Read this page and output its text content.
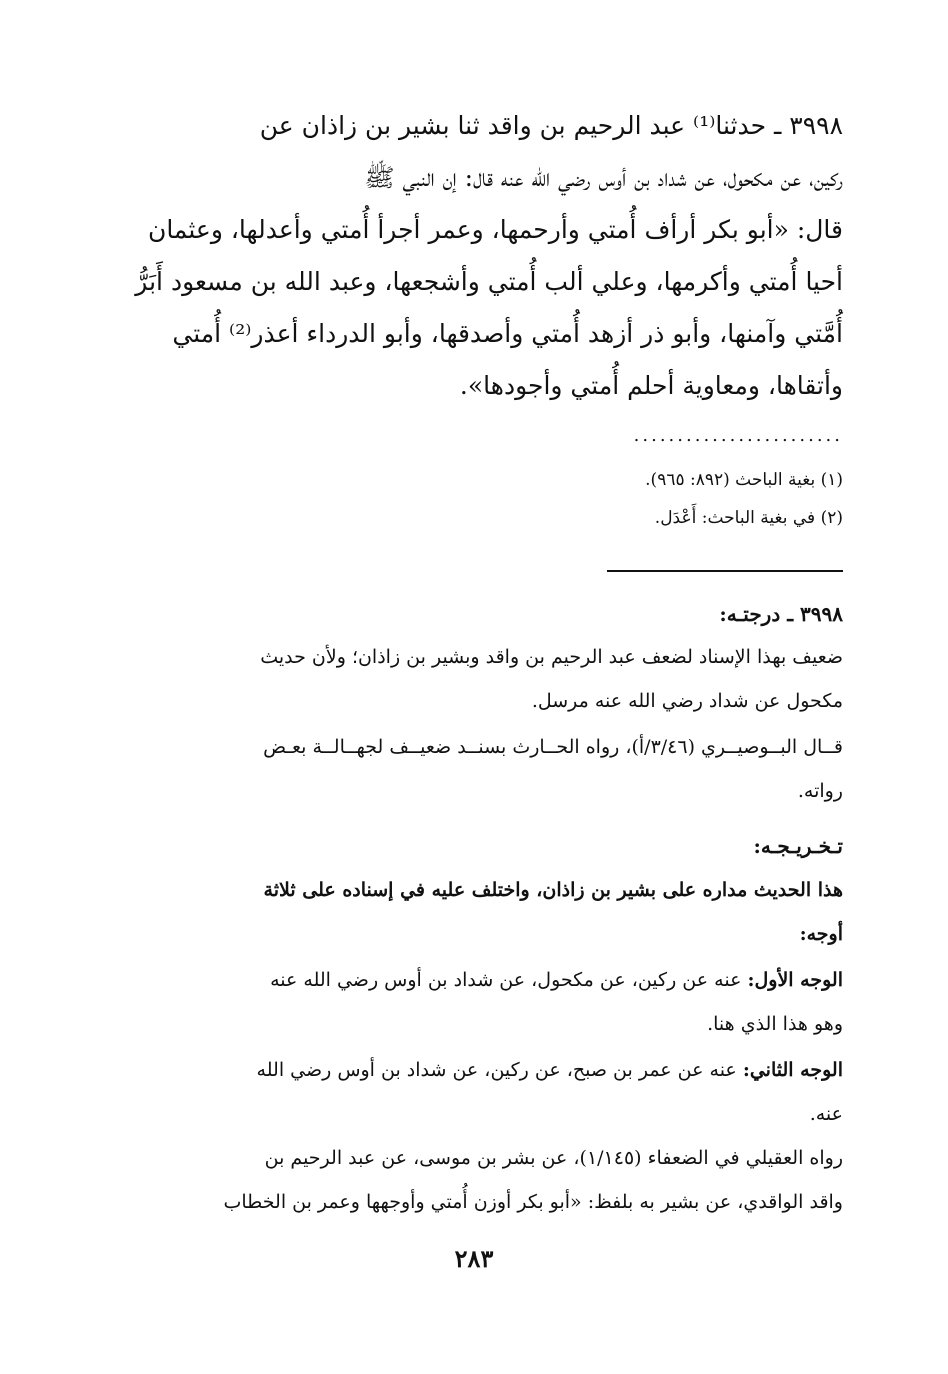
٣٩٩٨ ـ حدثنا⁽¹⁾ عبد الرحيم بن واقد ثنا بشير بن زاذان عن

ركين، عن مكحول، عن شداد بن أوس رضي الله عنه قال: إن النبي ﷺ

قال: «أبو بكر أرأف أُمتي وأرحمها، وعمر أجرأ أُمتي وأعدلها، وعثمان

أحيا أُمتي وأكرمها، وعلي ألب أُمتي وأشجعها، وعبد الله بن مسعود أَبَرُّ

أُمَّتي وآمنها، وأبو ذر أزهد أُمتي وأصدقها، وأبو الدرداء أعذر⁽²⁾ أُمتي

وأتقاها، ومعاوية أحلم أُمتي وأجودها».

........................
(١) بغية الباحث (٨٩٢: ٩٦٥).
(٢) في بغية الباحث: أَعْدَل.

٣٩٩٨ ـ درجتـه:

ضعيف بهذا الإسناد لضعف عبد الرحيم بن واقد وبشير بن زاذان؛ ولأن حديث

مكحول عن شداد رضي الله عنه مرسل.

قــال البــوصيــري (٣/٤٦/أ)، رواه الحــارث بسنــد ضعيــف لجهــالــة بعـض

رواته.

تـخـريـجـه:

هذا الحديث مداره على بشير بن زاذان، واختلف عليه في إسناده على ثلاثة

أوجه:

الوجه الأول: عنه عن ركين، عن مكحول، عن شداد بن أوس رضي الله عنه

وهو هذا الذي هنا.

الوجه الثاني: عنه عن عمر بن صبح، عن ركين، عن شداد بن أوس رضي الله

عنه.

رواه العقيلي في الضعفاء (١/١٤٥)، عن بشر بن موسى، عن عبد الرحيم بن

واقد الواقدي، عن بشير به بلفظ: «أبو بكر أوزن أُمتي وأوجهها وعمر بن الخطاب

٢٨٣
